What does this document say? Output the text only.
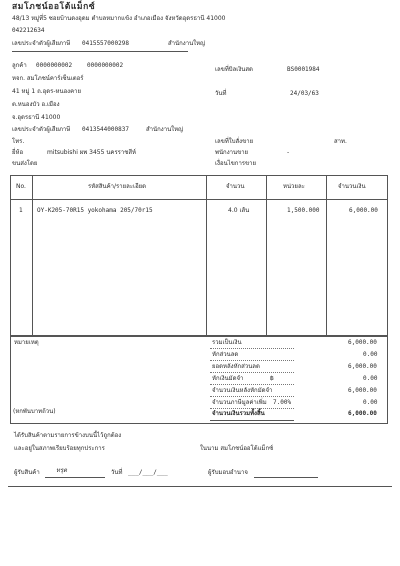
สมโภชน์ออโต้แม็กซ์
48/13 หมู่ที่5 ซอยบ้านดงอุดม ตำบลหมากแข้ง อำเภอเมือง จังหวัดอุดรธานี 41000
042212634
เลขประจำตัวผู้เสียภาษี 0415557000298	สำนักงานใหญ่
ลูกค้า 0000000002 0000000002
หจก. สมโภชน์คาร์เซ็นเตอร์
41 หมู่ 1 ถ.อุดร-หนองคาย
ต.หนองบัว อ.เมือง
จ.อุดรธานี 41000
เลขประจำตัวผู้เสียภาษี 0413544000837	สำนักงานใหญ่
โทร.
ยี่ห้อ	mitsubishi ผพ 3455 นครราชสีห์
ขนส่งโดย
เลขที่บิลเงินสด	BS0001984
วันที่	24/03/63
เลขที่ใบสั่งขาย	สาท.
พนักงานขาย	-
เงื่อนไขการขาย
No.	รหัสสินค้า/รายละเอียด	จำนวน	หน่วยละ	จำนวนเงิน
1 OY-K205-70R15 yokohama 205/70r15	4.0 เส้น	1,500.000	6,000.00
หมายเหตุ
(หกพันบาทถ้วน)
รวมเป็นเงิน	6,000.00
หักส่วนลด	0.00
ยอดหลังหักส่วนลด	6,000.00
หักเงินมัดจำ	฿	0.00
จำนวนเงินหลังหักมัดจำ	6,000.00
จำนวนภาษีมูลค่าเพิ่ม 7.00%	0.00
จำนวนเงินรวมทั้งสิ้น	6,000.00
ได้รับสินค้าตามรายการข้างบนนี้ไว้ถูกต้อง
และอยู่ในสภาพเรียบร้อยทุกประการ	ในนาม สมโภชน์ออโต้แม็กซ์
ผู้รับสินค้า	ทรุด	วันที่ ___/___/___	ผู้รับมอบอำนาจ
